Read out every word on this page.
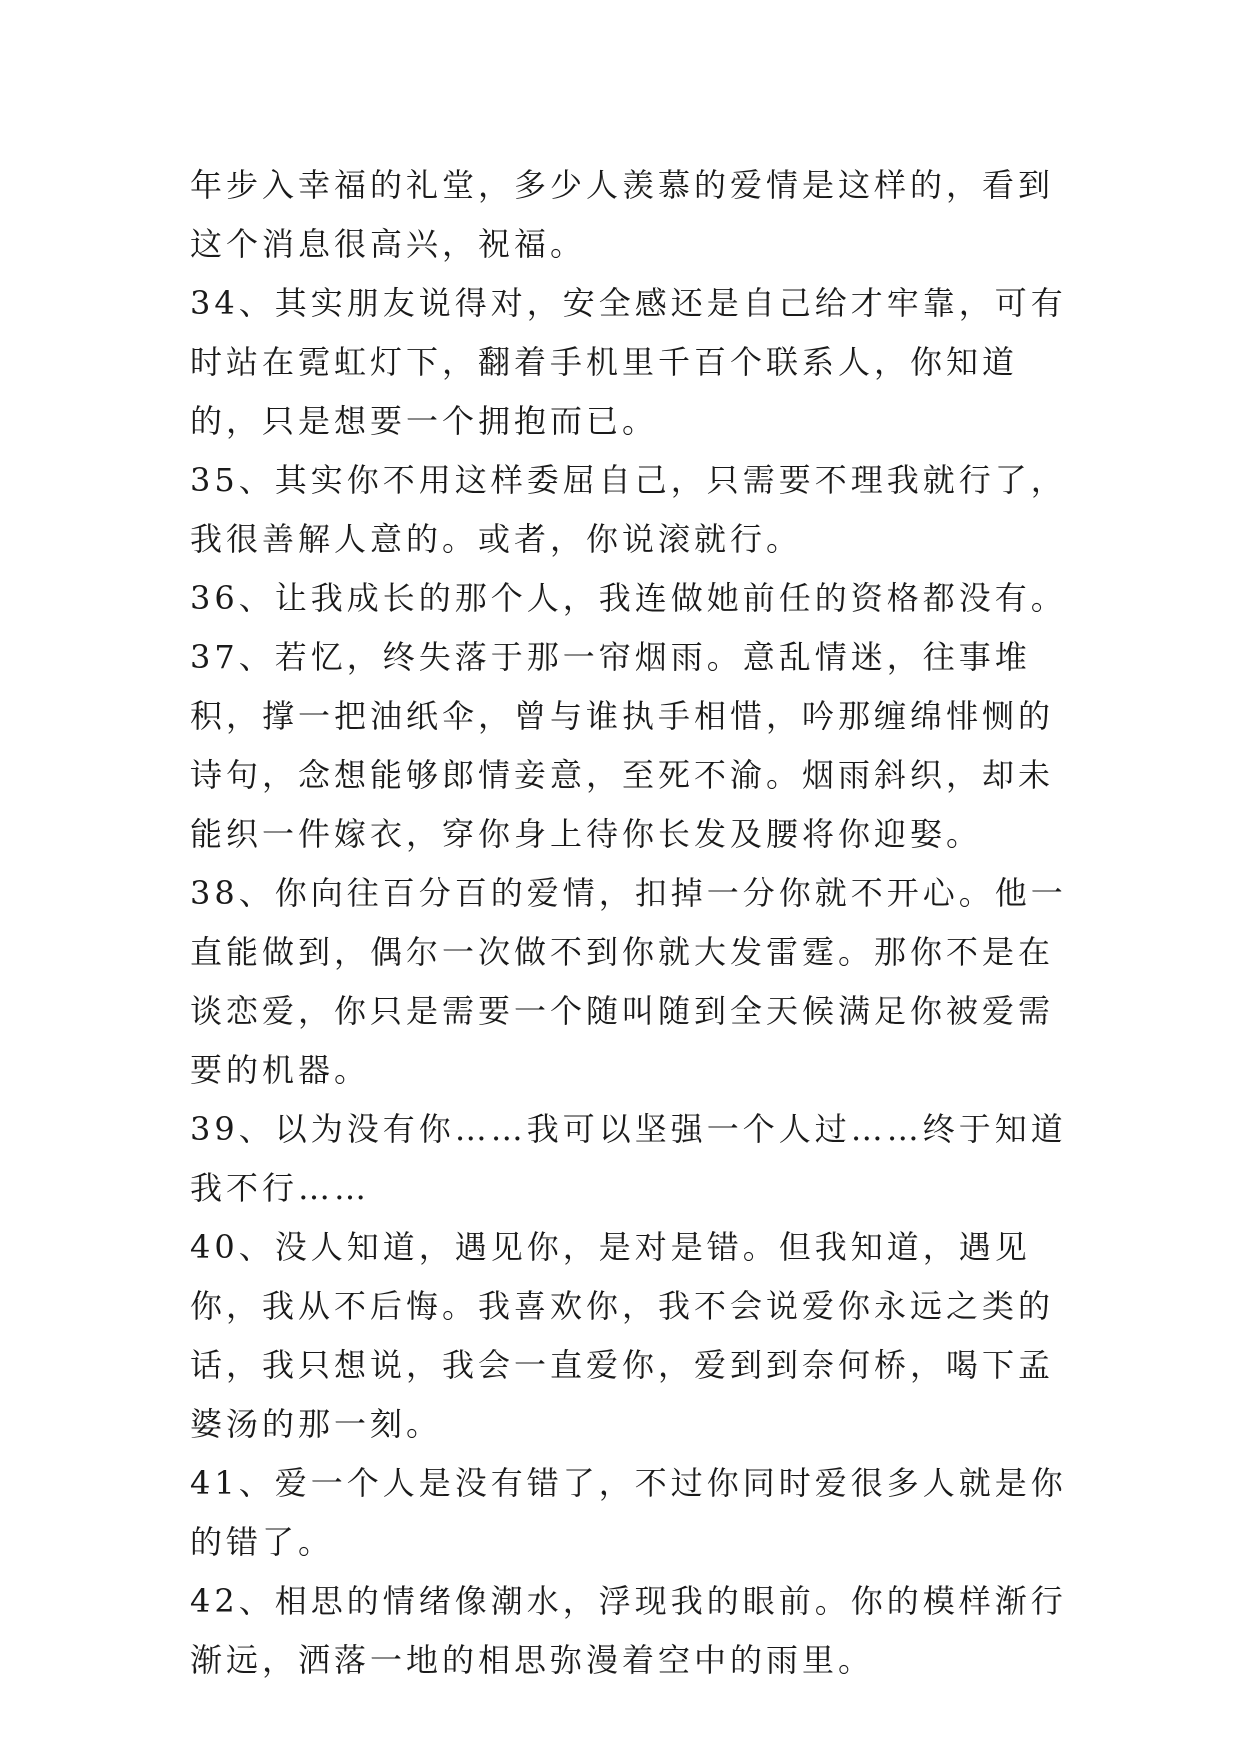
年步入幸福的礼堂，多少人羡慕的爱情是这样的，看到这个消息很高兴，祝福。

34、其实朋友说得对，安全感还是自己给才牢靠，可有时站在霓虹灯下，翻着手机里千百个联系人，你知道的，只是想要一个拥抱而已。

35、其实你不用这样委屈自己，只需要不理我就行了，我很善解人意的。或者，你说滚就行。

36、让我成长的那个人，我连做她前任的资格都没有。

37、若忆，终失落于那一帘烟雨。意乱情迷，往事堆积，撑一把油纸伞，曾与谁执手相惜，吟那缠绵悱恻的诗句，念想能够郎情妾意，至死不渝。烟雨斜织，却未能织一件嫁衣，穿你身上待你长发及腰将你迎娶。

38、你向往百分百的爱情，扣掉一分你就不开心。他一直能做到，偶尔一次做不到你就大发雷霆。那你不是在谈恋爱，你只是需要一个随叫随到全天候满足你被爱需要的机器。

39、以为没有你……我可以坚强一个人过……终于知道我不行……

40、没人知道，遇见你，是对是错。但我知道，遇见你，我从不后悔。我喜欢你，我不会说爱你永远之类的话，我只想说，我会一直爱你，爱到到奈何桥，喝下孟婆汤的那一刻。

41、爱一个人是没有错了，不过你同时爱很多人就是你的错了。

42、相思的情绪像潮水，浮现我的眼前。你的模样渐行渐远，洒落一地的相思弥漫着空中的雨里。
